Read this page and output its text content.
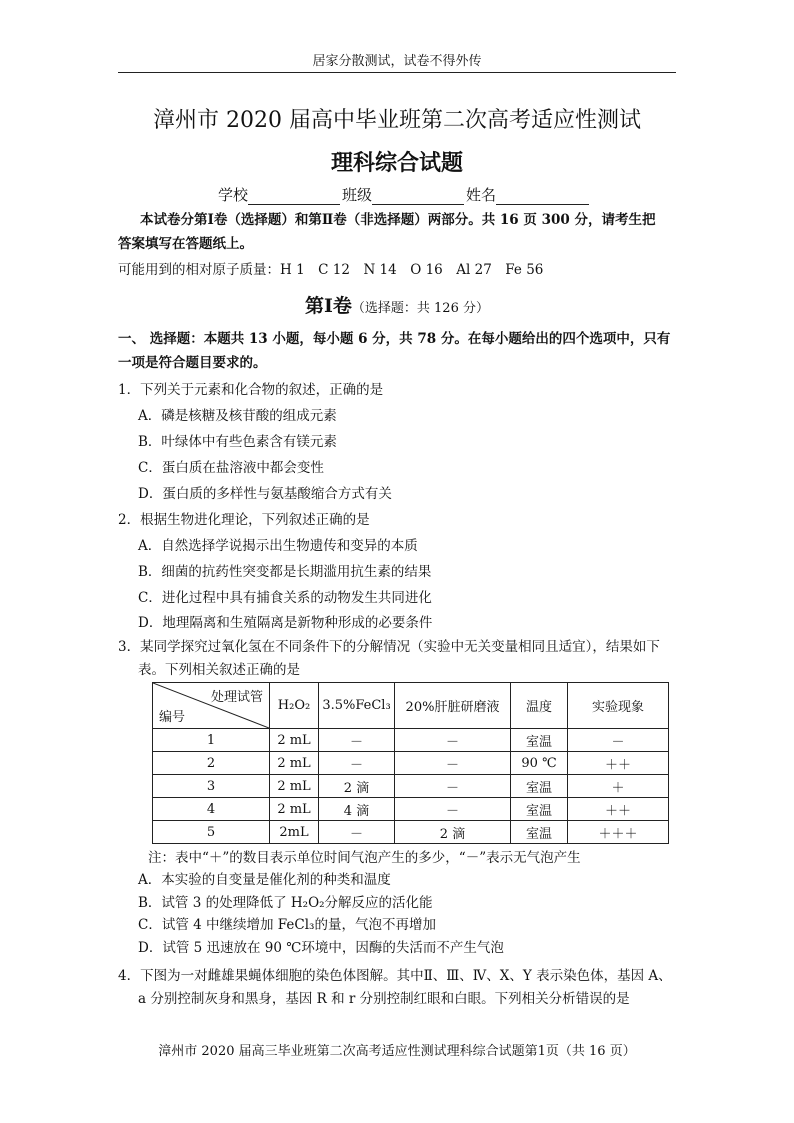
居家分散测试，试卷不得外传
漳州市 2020 届高中毕业班第二次高考适应性测试
理科综合试题
学校	班级	姓名
本试卷分第Ⅰ卷（选择题）和第Ⅱ卷（非选择题）两部分。共 16 页 300 分，请考生把
答案填写在答题纸上。
可能用到的相对原子质量：H 1　C 12　N 14　O 16　Al 27　Fe 56
第Ⅰ卷（选择题：共 126 分）
一、 选择题：本题共 13 小题，每小题 6 分，共 78 分。在每小题给出的四个选项中，只有
一项是符合题目要求的。
1．下列关于元素和化合物的叙述，正确的是
A．磷是核糖及核苷酸的组成元素
B．叶绿体中有些色素含有镁元素
C．蛋白质在盐溶液中都会变性
D．蛋白质的多样性与氨基酸缩合方式有关
2．根据生物进化理论，下列叙述正确的是
A．自然选择学说揭示出生物遗传和变异的本质
B．细菌的抗药性突变都是长期滥用抗生素的结果
C．进化过程中具有捕食关系的动物发生共同进化
D．地理隔离和生殖隔离是新物种形成的必要条件
3．某同学探究过氧化氢在不同条件下的分解情况（实验中无关变量相同且适宜），结果如下
表。下列相关叙述正确的是
处理试管
编号	H₂O₂	3.5%FeCl₃	20%肝脏研磨液	温度	实验现象
1	2 mL	－	－	室温	－
2	2 mL	－	－	90 ℃	＋＋
3	2 mL	2 滴	－	室温	＋
4	2 mL	4 滴	－	室温	＋＋
5	2mL	－	2 滴	室温	＋＋＋
注：表中“＋”的数目表示单位时间气泡产生的多少，“－”表示无气泡产生
A．本实验的自变量是催化剂的种类和温度
B．试管 3 的处理降低了 H₂O₂分解反应的活化能
C．试管 4 中继续增加 FeCl₃的量，气泡不再增加
D．试管 5 迅速放在 90 ℃环境中，因酶的失活而不产生气泡
4．下图为一对雌雄果蝇体细胞的染色体图解。其中Ⅱ、Ⅲ、Ⅳ、X、Y 表示染色体，基因 A、
a 分别控制灰身和黑身，基因 R 和 r 分别控制红眼和白眼。下列相关分析错误的是
漳州市 2020 届高三毕业班第二次高考适应性测试理科综合试题第1页（共 16 页）
